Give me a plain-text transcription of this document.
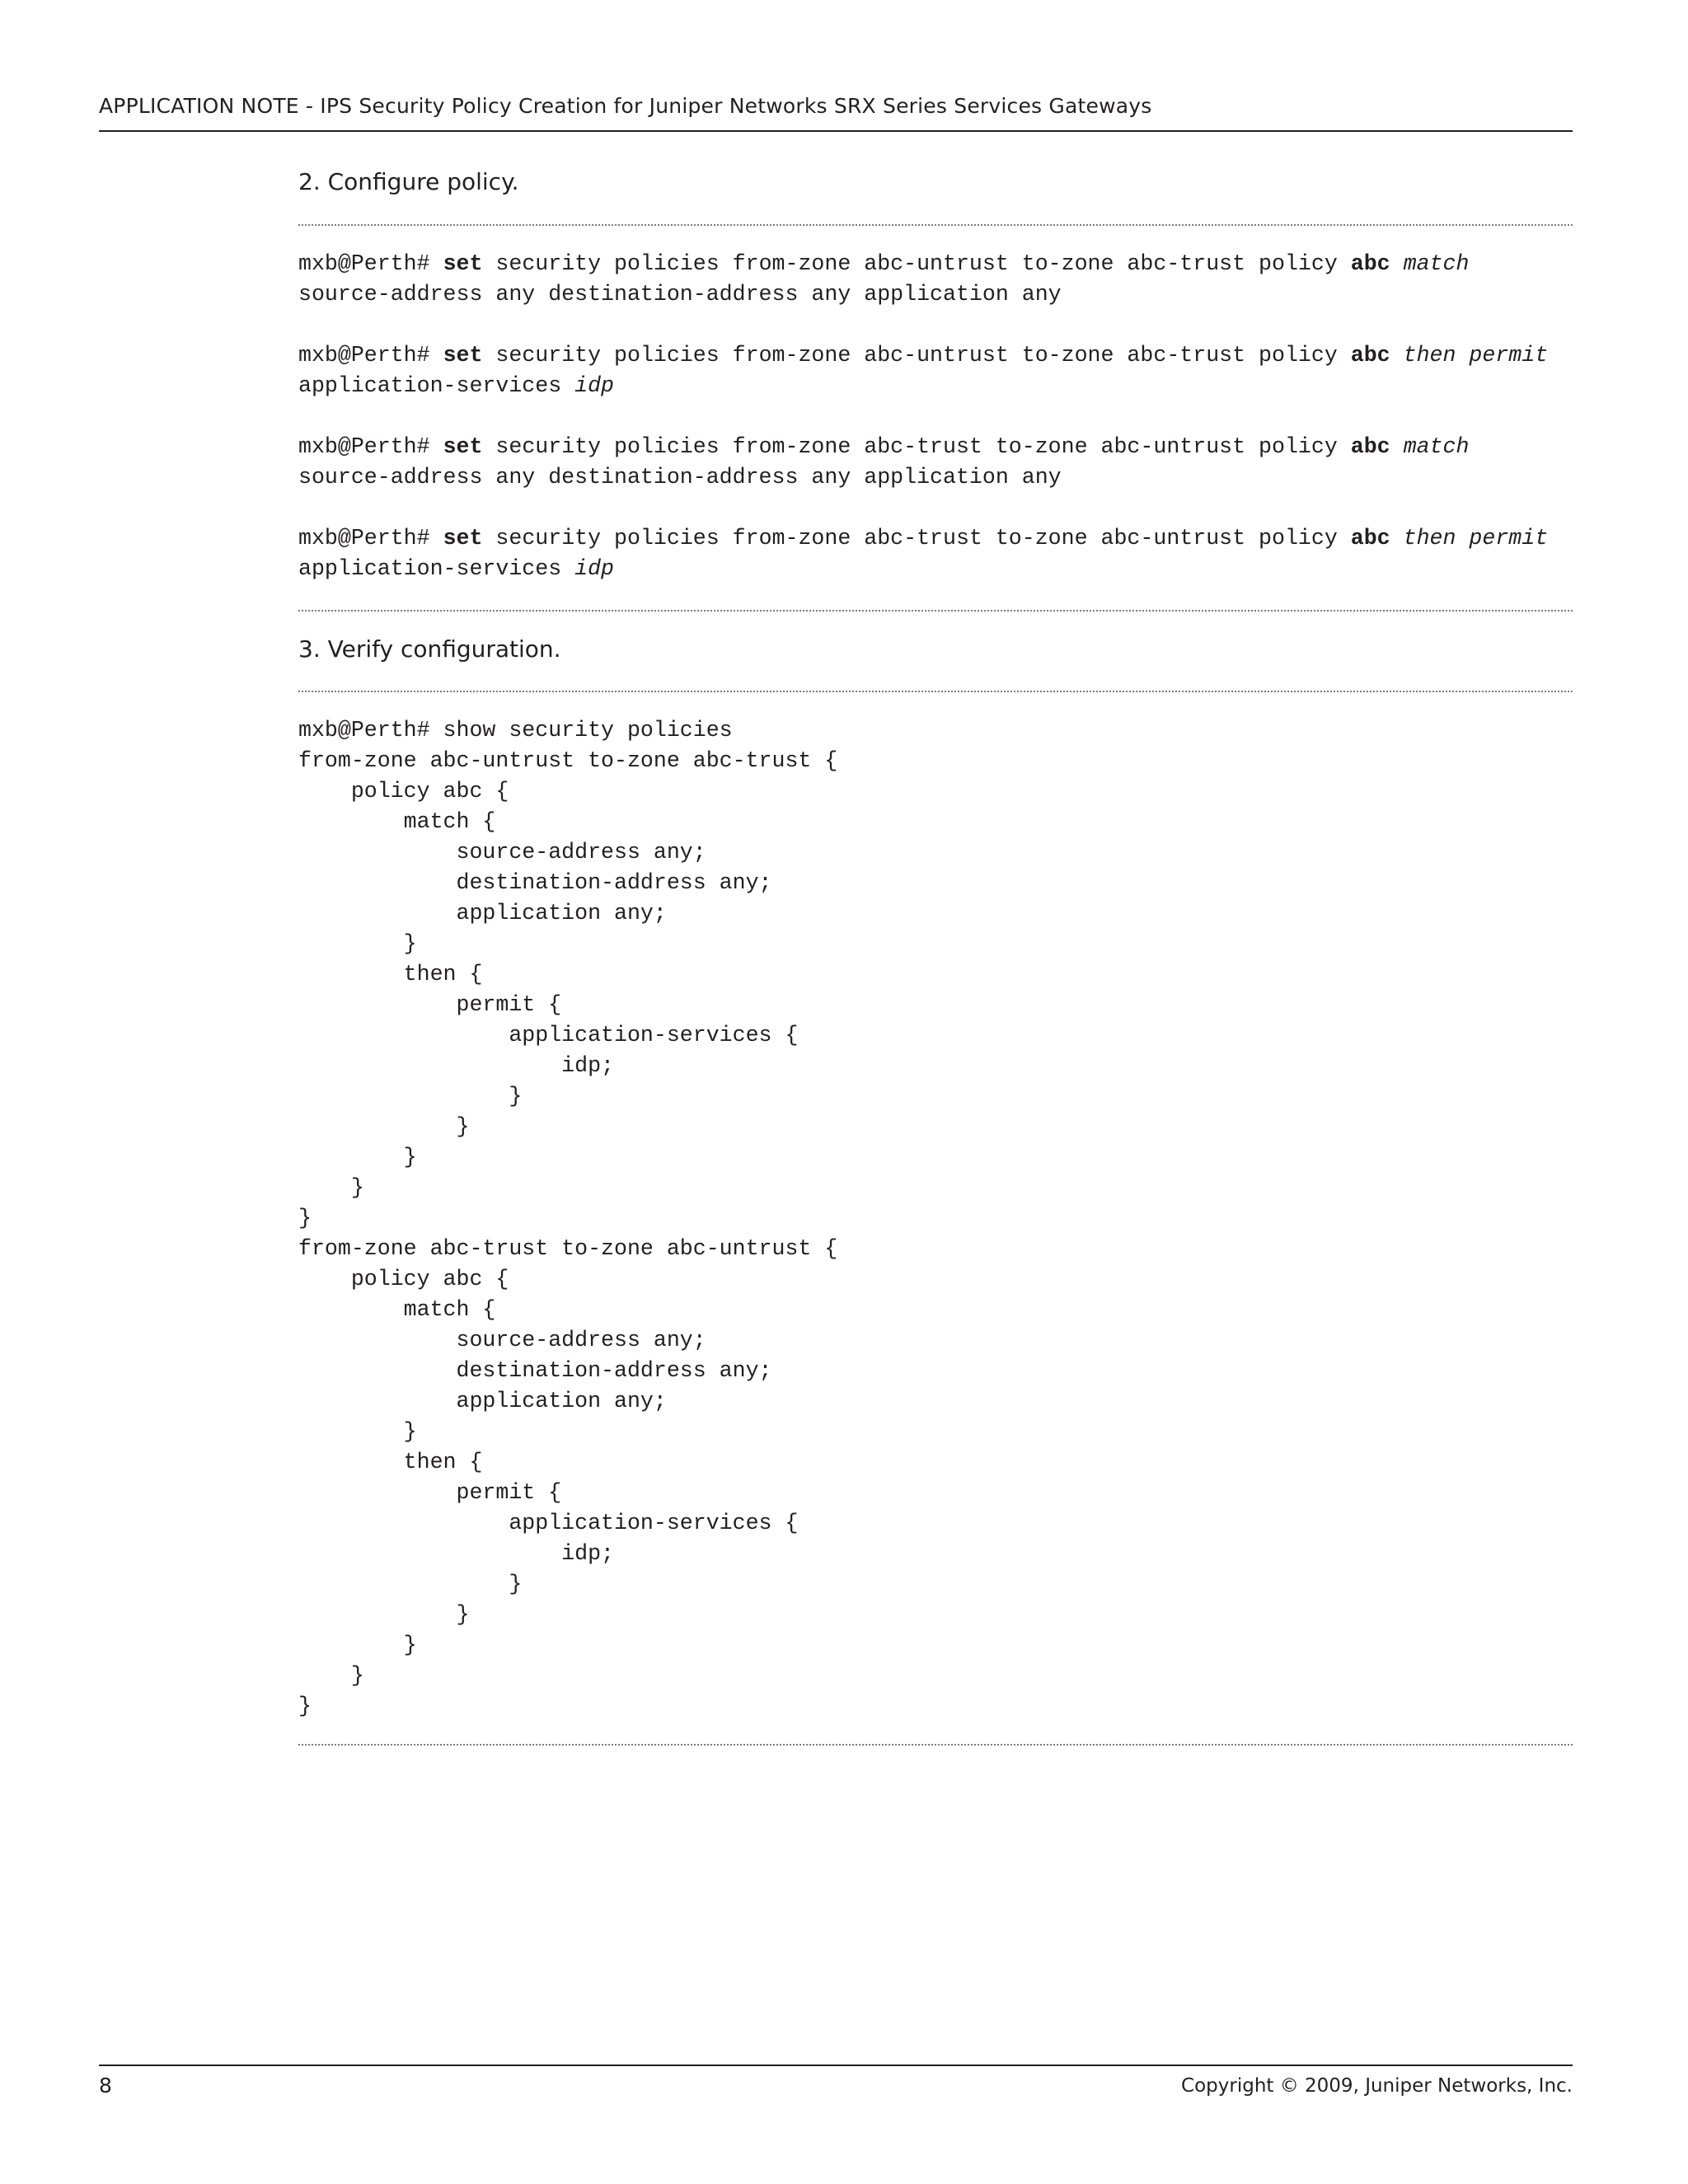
APPLICATION NOTE - IPS Security Policy Creation for Juniper Networks SRX Series Services Gateways
2. Configure policy.
mxb@Perth# set security policies from-zone abc-untrust to-zone abc-trust policy abc match
source-address any destination-address any application any

mxb@Perth# set security policies from-zone abc-untrust to-zone abc-trust policy abc then permit
application-services idp

mxb@Perth# set security policies from-zone abc-trust to-zone abc-untrust policy abc match
source-address any destination-address any application any

mxb@Perth# set security policies from-zone abc-trust to-zone abc-untrust policy abc then permit
application-services idp
3. Verify configuration.
mxb@Perth# show security policies
from-zone abc-untrust to-zone abc-trust {
policy abc {
match {
source-address any;
destination-address any;
application any;
}
then {
permit {
application-services {
idp;
}
}
}
}
}
from-zone abc-trust to-zone abc-untrust {
policy abc {
match {
source-address any;
destination-address any;
application any;
}
then {
permit {
application-services {
idp;
}
}
}
}
}
8	Copyright © 2009, Juniper Networks, Inc.
